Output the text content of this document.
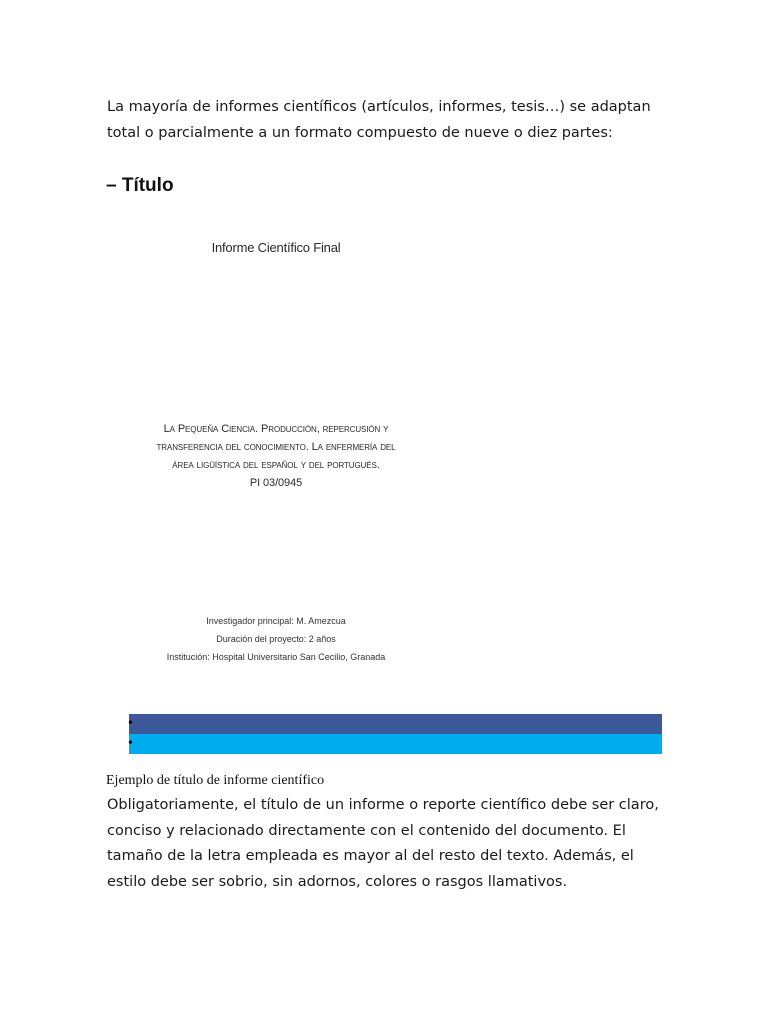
La mayoría de informes científicos (artículos, informes, tesis…) se adaptan total o parcialmente a un formato compuesto de nueve o diez partes:

– Título
Informe Científico Final
La Pequeña Ciencia. Producción, repercusión y
transferencia del conocimiento. La enfermería del
área ligüística del español y del portugués.
PI 03/0945
Investigador principal: M. Amezcua
Duración del proyecto: 2 años
Institución: Hospital Universitario San Cecilio, Granada
•
•

Ejemplo de título de informe científico

Obligatoriamente, el título de un informe o reporte científico debe ser claro, conciso y relacionado directamente con el contenido del documento. El tamaño de la letra empleada es mayor al del resto del texto. Además, el estilo debe ser sobrio, sin adornos, colores o rasgos llamativos.
